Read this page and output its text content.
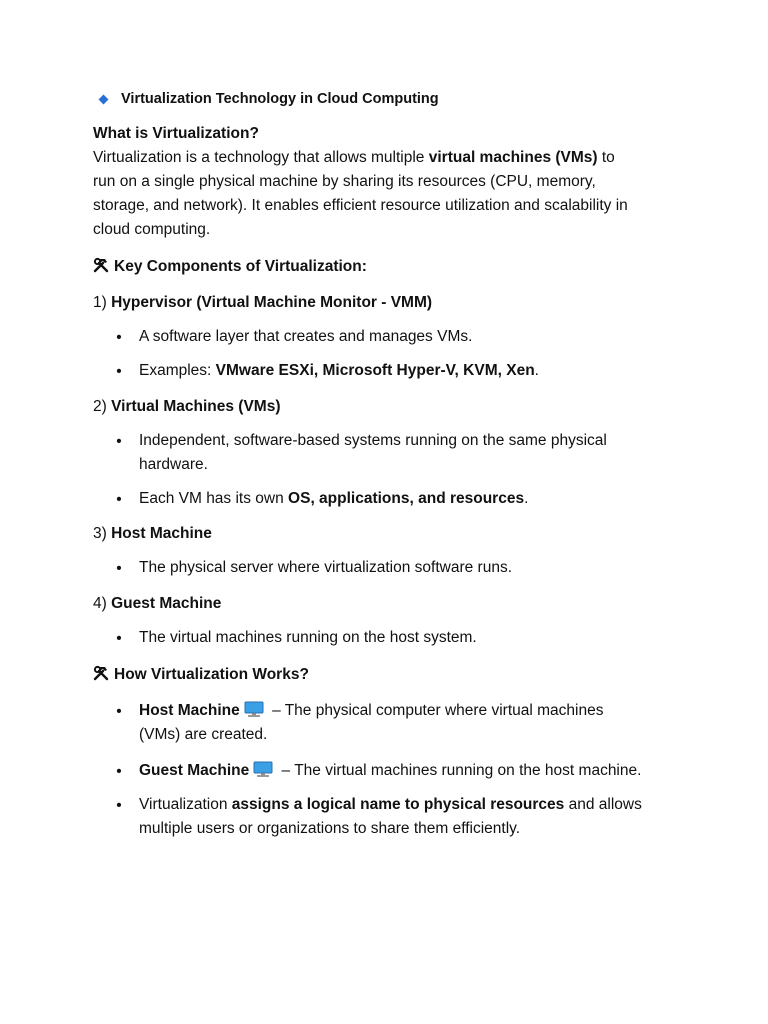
Virtualization Technology in Cloud Computing
What is Virtualization?
Virtualization is a technology that allows multiple virtual machines (VMs) to
run on a single physical machine by sharing its resources (CPU, memory,
storage, and network). It enables efficient resource utilization and scalability in
cloud computing.
Key Components of Virtualization:
1) Hypervisor (Virtual Machine Monitor - VMM)
• A software layer that creates and manages VMs.
• Examples: VMware ESXi, Microsoft Hyper-V, KVM, Xen.
2) Virtual Machines (VMs)
• Independent, software-based systems running on the same physical
hardware.
• Each VM has its own OS, applications, and resources.
3) Host Machine
• The physical server where virtualization software runs.
4) Guest Machine
• The virtual machines running on the host system.
How Virtualization Works?
• Host Machine – The physical computer where virtual machines
(VMs) are created.
• Guest Machine – The virtual machines running on the host machine.
• Virtualization assigns a logical name to physical resources and allows
multiple users or organizations to share them efficiently.
